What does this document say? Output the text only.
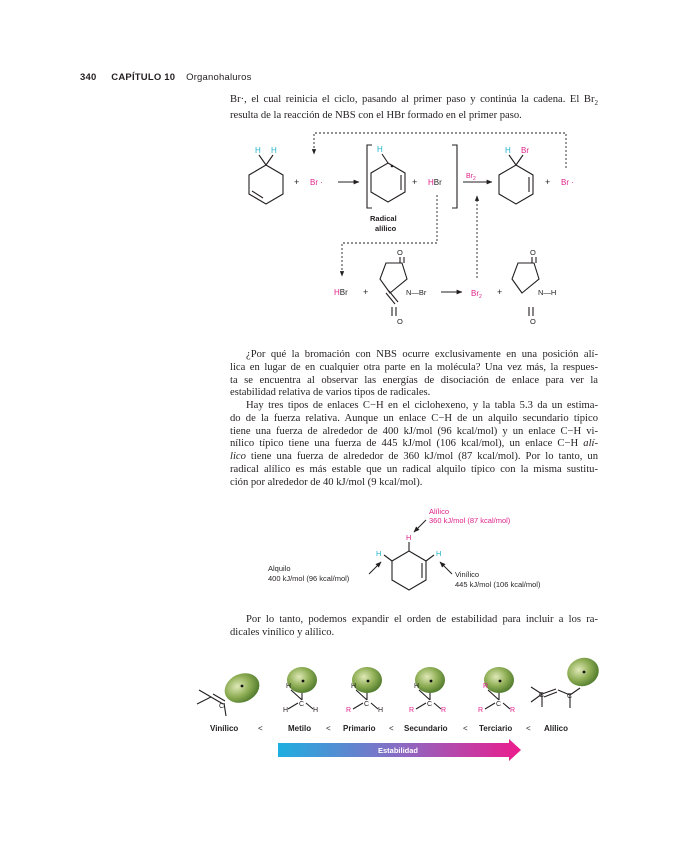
340 CAPÍTULO 10 Organohaluros

Br·, el cual reinicia el ciclo, pasando al primer paso y continúa la cadena. El $Br_2$
resulta de la reacción de NBS con el HBr formado en el primer paso.

H H
+ Br ·
H
+ HBr
Radical
alílico
$Br_2$
H Br
+ Br ·
HBr +
O
O
N—Br	$Br_2$ +
O
O
N—H

¿Por qué la bromación con NBS ocurre exclusivamente en una posición alí-
lica en lugar de en cualquier otra parte en la molécula? Una vez más, la respues-
ta se encuentra al observar las energías de disociación de enlace para ver la
estabilidad relativa de varios tipos de radicales.

Hay tres tipos de enlaces C−H en el ciclohexeno, y la tabla 5.3 da un estima-
do de la fuerza relativa. Aunque un enlace C−H de un alquilo secundario típico
tiene una fuerza de alrededor de 400 kJ/mol (96 kcal/mol) y un enlace C−H vi-
nílico típico tiene una fuerza de 445 kJ/mol (106 kcal/mol), un enlace C−H alí-
lico tiene una fuerza de alrededor de 360 kJ/mol (87 kcal/mol). Por lo tanto, un
radical alílico es más estable que un radical alquilo típico con la misma sustitu-
ción por alrededor de 40 kJ/mol (9 kcal/mol).

Alílico
360 kJ/mol (87 kcal/mol)
H
H	H
Alquilo
400 kJ/mol (96 kcal/mol)	Vinílico
445 kJ/mol (106 kcal/mol)

Por lo tanto, podemos expandir el orden de estabilidad para incluir a los ra-
dicales vinílico y alílico.

C
H
H	H
C
H
R	H
C
H
R	R
C
R
R	R
C
C	C
Vinílico <	Metilo < Primario < Secundario < Terciario < Alílico
Estabilidad
